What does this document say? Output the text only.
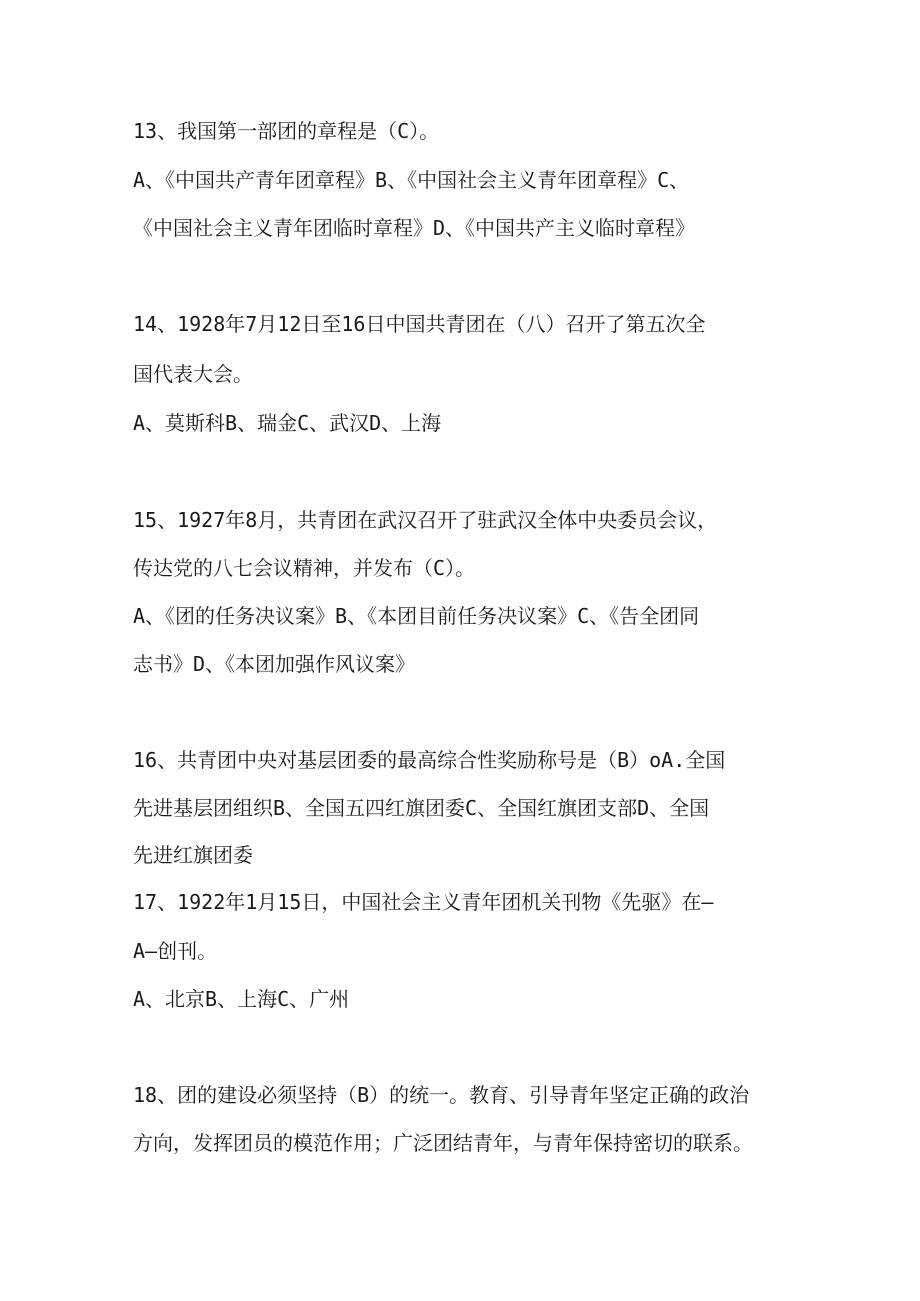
13、我国第一部团的章程是（C）。
A、《中国共产青年团章程》B、《中国社会主义青年团章程》C、
《中国社会主义青年团临时章程》D、《中国共产主义临时章程》
14、1928年7月12日至16日中国共青团在（八）召开了第五次全
国代表大会。
A、莫斯科B、瑞金C、武汉D、上海
15、1927年8月，共青团在武汉召开了驻武汉全体中央委员会议，
传达党的八七会议精神，并发布（C）。
A、《团的任务决议案》B、《本团目前任务决议案》C、《告全团同
志书》D、《本团加强作风议案》
16、共青团中央对基层团委的最高综合性奖励称号是（B）oA.全国
先进基层团组织B、全国五四红旗团委C、全国红旗团支部D、全国
先进红旗团委
17、1922年1月15日，中国社会主义青年团机关刊物《先驱》在—
A—创刊。
A、北京B、上海C、广州
18、团的建设必须坚持（B）的统一。教育、引导青年坚定正确的政治
方向，发挥团员的模范作用；广泛团结青年，与青年保持密切的联系。
